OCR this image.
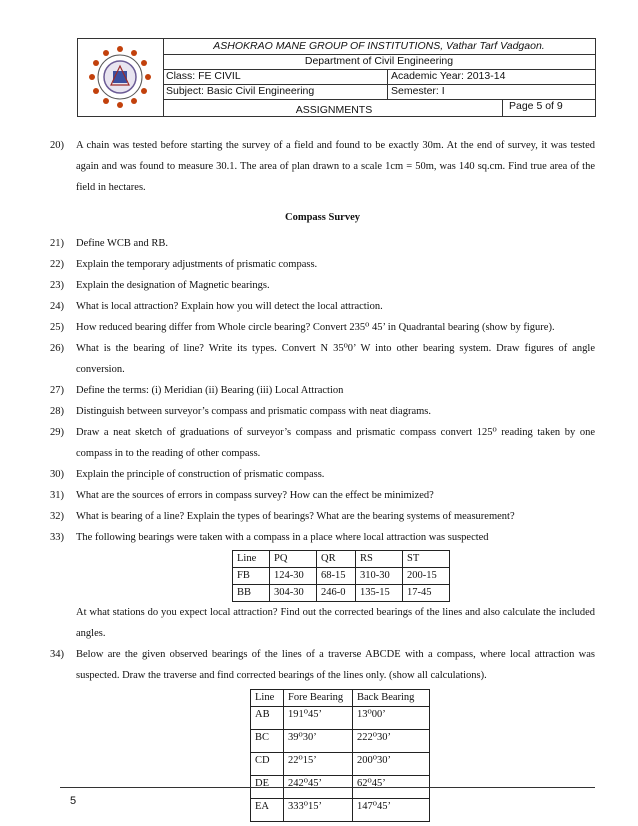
ASHOKRAO MANE GROUP OF INSTITUTIONS, Vathar Tarf Vadgaon.
Department of Civil Engineering
Class: FE CIVIL	Academic Year: 2013-14
Subject: Basic Civil Engineering	Semester: I
ASSIGNMENTS	Page 5 of 9
20) A chain was tested before starting the survey of a field and found to be exactly 30m. At the end of survey, it was tested again and was found to measure 30.1. The area of plan drawn to a scale 1cm = 50m, was 140 sq.cm. Find true area of the field in hectares.
Compass Survey
21) Define WCB and RB.
22) Explain the temporary adjustments of prismatic compass.
23) Explain the designation of Magnetic bearings.
24) What is local attraction? Explain how you will detect the local attraction.
25) How reduced bearing differ from Whole circle bearing? Convert 235⁰ 45’ in Quadrantal bearing (show by figure).
26) What is the bearing of line? Write its types. Convert N 35⁰0’ W into other bearing system. Draw figures of angle conversion.
27) Define the terms: (i) Meridian (ii) Bearing (iii) Local Attraction
28) Distinguish between surveyor’s compass and prismatic compass with neat diagrams.
29) Draw a neat sketch of graduations of surveyor’s compass and prismatic compass convert 125⁰ reading taken by one compass in to the reading of other compass.
30) Explain the principle of construction of prismatic compass.
31) What are the sources of errors in compass survey? How can the effect be minimized?
32) What is bearing of a line? Explain the types of bearings? What are the bearing systems of measurement?
33) The following bearings were taken with a compass in a place where local attraction was suspected
Line	PQ	QR	RS	ST
FB	124-30	68-15	310-30	200-15
BB	304-30	246-0	135-15	17-45
At what stations do you expect local attraction? Find out the corrected bearings of the lines and also calculate the included angles.
34) Below are the given observed bearings of the lines of a traverse ABCDE with a compass, where local attraction was suspected. Draw the traverse and find corrected bearings of the lines only. (show all calculations).
Line	Fore Bearing	Back Bearing
AB	191⁰45’	13⁰00’
BC	39⁰30’	222⁰30’
CD	22⁰15’	200⁰30’
DE	242⁰45’	62⁰45’
EA	333⁰15’	147⁰45’
5
